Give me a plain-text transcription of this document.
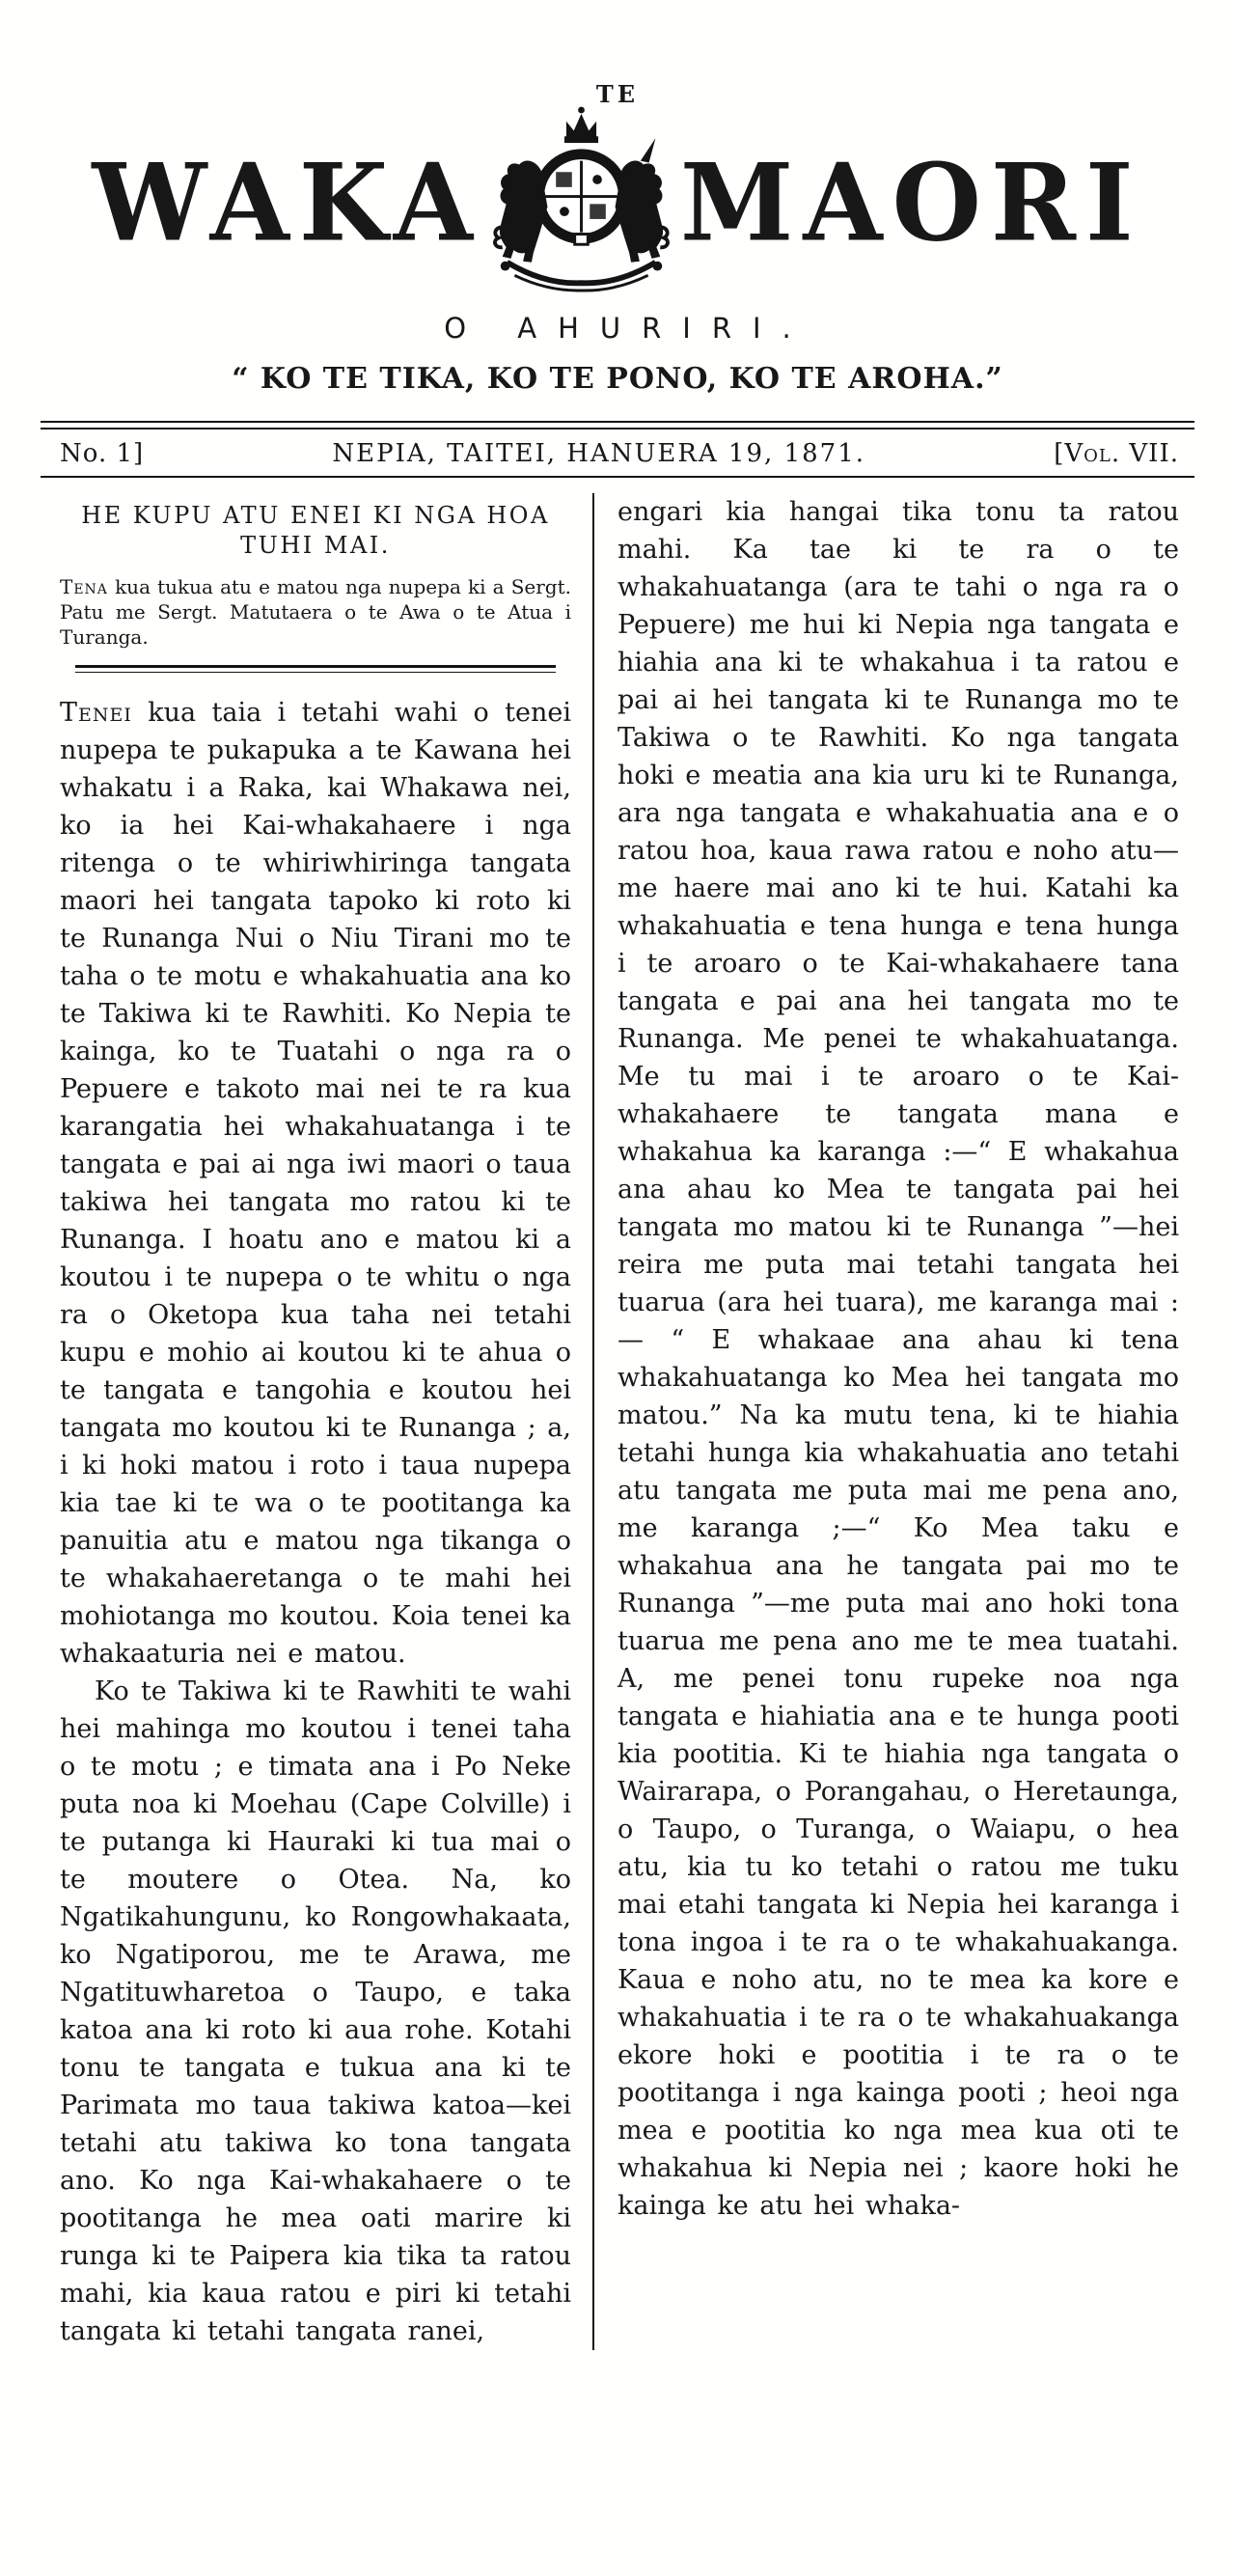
TE
WAKA MAORI
O AHURIRI.
“ KO TE TIKA, KO TE PONO, KO TE AROHA.”
No. 1]	NEPIA, TAITEI, HANUERA 19, 1871.	[Vol. VII.
HE KUPU ATU ENEI KI NGA HOA
TUHI MAI.

Tena kua tukua atu e matou nga nupepa ki a Sergt. Patu me Sergt. Matutaera o te Awa o te Atua i Turanga.

Tenei kua taia i tetahi wahi o tenei nupepa te pukapuka a te Kawana hei whakatu i a Raka, kai Whakawa nei, ko ia hei Kai-whakahaere i nga ritenga o te whiriwhiringa tangata maori hei tangata tapoko ki roto ki te Runanga Nui o Niu Tirani mo te taha o te motu e whakahuatia ana ko te Takiwa ki te Rawhiti. Ko Nepia te kainga, ko te Tuatahi o nga ra o Pepuere e takoto mai nei te ra kua karangatia hei whakahuatanga i te tangata e pai ai nga iwi maori o taua takiwa hei tangata mo ratou ki te Runanga. I hoatu ano e matou ki a koutou i te nupepa o te whitu o nga ra o Oketopa kua taha nei tetahi kupu e mohio ai koutou ki te ahua o te tangata e tangohia e koutou hei tangata mo koutou ki te Runanga ; a, i ki hoki matou i roto i taua nupepa kia tae ki te wa o te pootitanga ka panuitia atu e matou nga tikanga o te whakahaeretanga o te mahi hei mohiotanga mo koutou. Koia tenei ka whakaaturia nei e matou.

Ko te Takiwa ki te Rawhiti te wahi hei mahinga mo koutou i tenei taha o te motu ; e timata ana i Po Neke puta noa ki Moehau (Cape Colville) i te putanga ki Hauraki ki tua mai o te moutere o Otea. Na, ko Ngatikahungunu, ko Rongowhakaata, ko Ngatiporou, me te Arawa, me Ngatituwharetoa o Taupo, e taka katoa ana ki roto ki aua rohe. Kotahi tonu te tangata e tukua ana ki te Parimata mo taua takiwa katoa—kei tetahi atu takiwa ko tona tangata ano. Ko nga Kai-whakahaere o te pootitanga he mea oati marire ki runga ki te Paipera kia tika ta ratou mahi, kia kaua ratou e piri ki tetahi tangata ki tetahi tangata ranei,

engari kia hangai tika tonu ta ratou mahi. Ka tae ki te ra o te whakahuatanga (ara te tahi o nga ra o Pepuere) me hui ki Nepia nga tangata e hiahia ana ki te whakahua i ta ratou e pai ai hei tangata ki te Runanga mo te Takiwa o te Rawhiti. Ko nga tangata hoki e meatia ana kia uru ki te Runanga, ara nga tangata e whakahuatia ana e o ratou hoa, kaua rawa ratou e noho atu—me haere mai ano ki te hui. Katahi ka whakahuatia e tena hunga e tena hunga i te aroaro o te Kai-whakahaere tana tangata e pai ana hei tangata mo te Runanga. Me penei te whakahuatanga. Me tu mai i te aroaro o te Kai-whakahaere te tangata mana e whakahua ka karanga :—“ E whakahua ana ahau ko Mea te tangata pai hei tangata mo matou ki te Runanga ”—hei reira me puta mai tetahi tangata hei tuarua (ara hei tuara), me karanga mai : — “ E whakaae ana ahau ki tena whakahuatanga ko Mea hei tangata mo matou.” Na ka mutu tena, ki te hiahia tetahi hunga kia whakahuatia ano tetahi atu tangata me puta mai me pena ano, me karanga ;—“ Ko Mea taku e whakahua ana he tangata pai mo te Runanga ”—me puta mai ano hoki tona tuarua me pena ano me te mea tuatahi. A, me penei tonu rupeke noa nga tangata e hiahiatia ana e te hunga pooti kia pootitia. Ki te hiahia nga tangata o Wairarapa, o Porangahau, o Heretaunga, o Taupo, o Turanga, o Waiapu, o hea atu, kia tu ko tetahi o ratou me tuku mai etahi tangata ki Nepia hei karanga i tona ingoa i te ra o te whakahuakanga. Kaua e noho atu, no te mea ka kore e whakahuatia i te ra o te whakahuakanga ekore hoki e pootitia i te ra o te pootitanga i nga kainga pooti ; heoi nga mea e pootitia ko nga mea kua oti te whakahua ki Nepia nei ; kaore hoki he kainga ke atu hei whaka-
